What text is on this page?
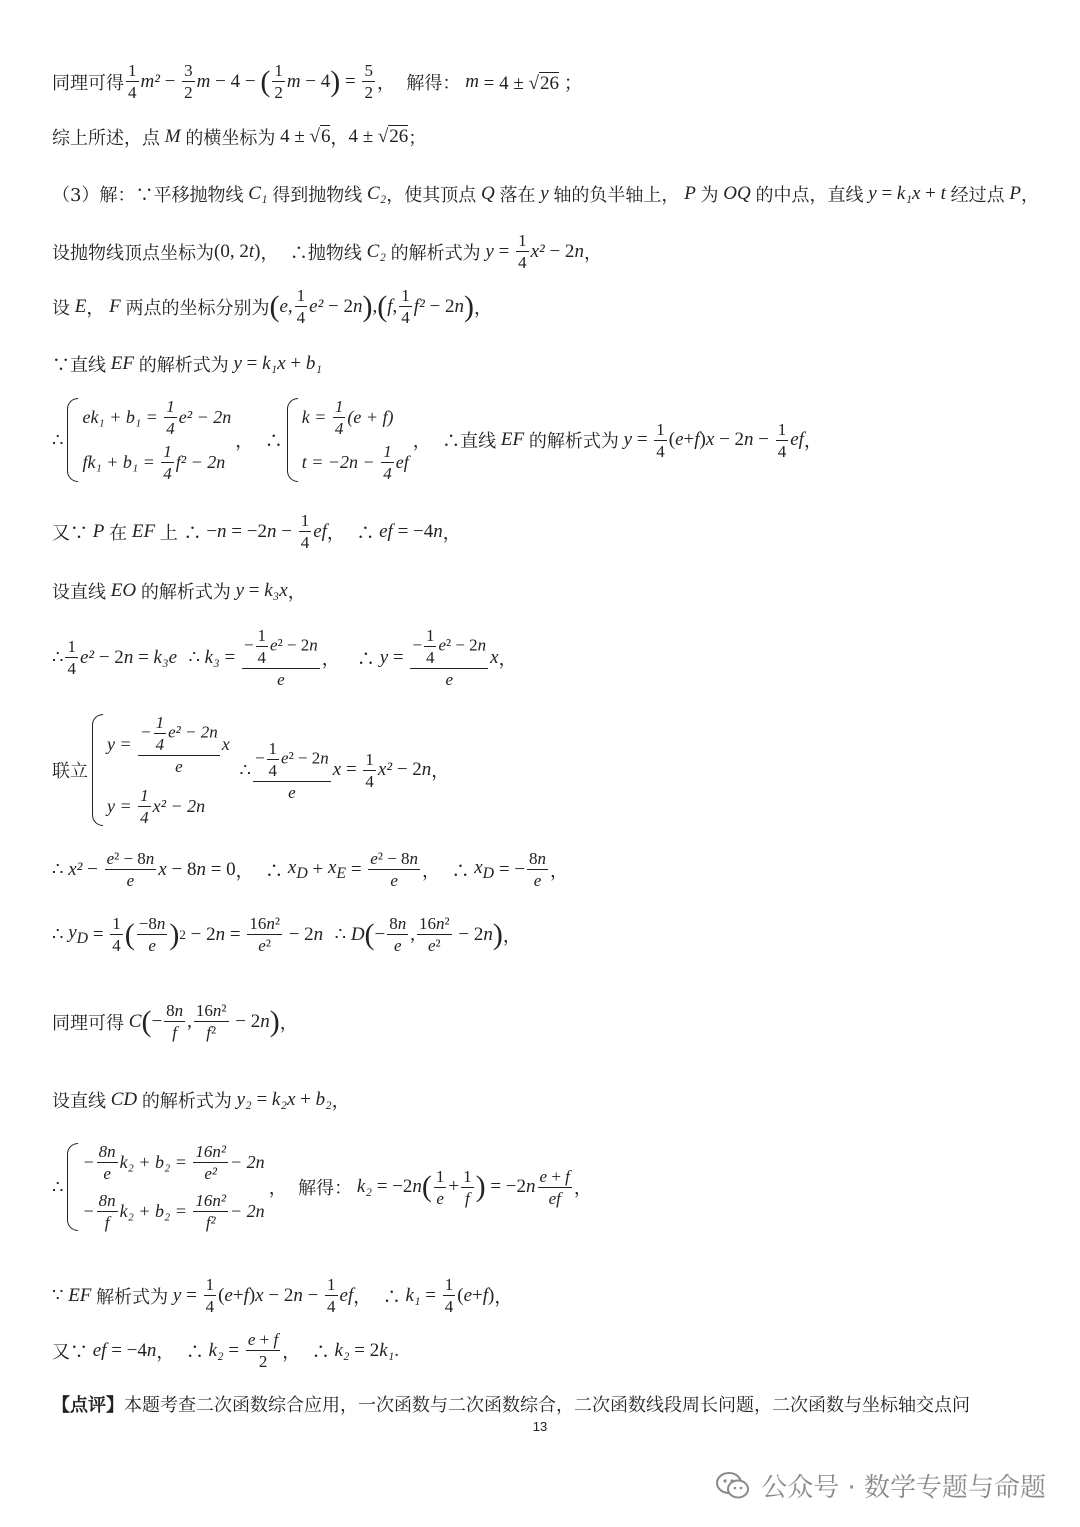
同理可得 $\frac{1}{4} m^2 - \frac{3}{2}$ m − 4 − ( $\frac{1}{2}$ m − 4 ) = $\frac{5}{2}$ ，  解得： m = 4 ± √26 ；
综上所述，点 M 的横坐标为 4 ± √6 ， 4 ± √26 ；
（3）解：∵平移抛物线 C₁ 得到抛物线 C₂ ，使其顶点 Q 落在 y 轴的负半轴上， P 为 OQ 的中点，直线 y = k₁x + t 经过点 P ，
设抛物线顶点坐标为 (0, 2 t ) ，  ∴抛物线 C₂ 的解析式为 $y = \frac{1}{4} x^2 - 2$ n ，
设 E ， F 两点的坐标分别为 ( e , $\frac{1}{4} e^2 - 2$ n ) , ( f , $\frac{1}{4} f^2 - 2$ n ) ，
∵直线 EF 的解析式为 y = k₁x + b₁
∴
$ek_1 + b_1 = \frac{1}{4} e^2 - 2n$
$fk_1 + b_1 = \frac{1}{4} f^2 - 2n$
，  ∴
$k = \frac{1}{4} (e + f)$
$t = -2n - \frac{1}{4}$ ef
，  ∴直线 EF 的解析式为 $y = \frac{1}{4}$ ( e + f ) x − 2 $n - \frac{1}{4}$ ef ，
又∵ P 在 EF 上 ∴ − n = −2 $n - \frac{1}{4}$ ef ，  ∴ ef = −4 n ，
设直线 EO 的解析式为 y = k₃x ，
∴ $\frac{1}{4} e^2 - 2$ n = k₃e ∴ $k_3 = \frac{- \frac{1}{4} e^2 - 2n}{e}$ ，   ∴ $y = \frac{- \frac{1}{4} e^2 - 2n}{e}$ x ，
联立
$y = \frac{- \frac{1}{4} e^2 - 2n}{e}$ x
$y = \frac{1}{4} x^2 - 2n$
∴ $\frac{- \frac{1}{4} e^2 - 2n}{e}$ $x = \frac{1}{4} x^2 - 2$ n ，
∴ $x^2 - \frac{\text{e² − 8n}}{e}$ x − 8 n = 0 ，  ∴ $x_D + x_E = \frac{\text{e² − 8n}}{e}$ ，  ∴ $x_D$ = − $\frac{8n}{e}$ ，
∴ $y_D = \frac{1}{4}$ ( $\frac{-8n}{e}$ ) 2 − 2 $n = \frac{\text{16n²}}{\text{e²}} - 2$ n ∴ D ( − $\frac{8n}{e}$ , $\frac{\text{16n²}}{\text{e²}} - 2$ n ) ，
同理可得 C ( − $\frac{8n}{f}$ , $\frac{\text{16n²}}{\text{f²}} - 2$ n ) ，
设直线 CD 的解析式为 y₂ = k₂x + b₂ ，
∴
− $\frac{8n}{e} k_2 + b_2 = \frac{\text{16n²}}{\text{e²}} - 2n$
− $\frac{8n}{f} k_2 + b_2 = \frac{\text{16n²}}{\text{f²}} - 2n$
，  解得： k₂ = −2 n ( $\frac{1}{e} + \frac{1}{f}$ ) = −2 n $\frac{e + f}{ef}$ ，
∵ EF 解析式为 $y = \frac{1}{4}$ ( e + f ) x − 2 $n - \frac{1}{4}$ ef ，  ∴ $k_1 = \frac{1}{4}$ ( e + f ) ，
又∵ ef = −4 n ，  ∴ $k_2 = \frac{e + f}{2}$ ，  ∴ k₂ = 2 k₁ .
【点评】 本题考查二次函数综合应用，一次函数与二次函数综合，二次函数线段周长问题，二次函数与坐标轴交点问
13
公众号 · 数学专题与命题
